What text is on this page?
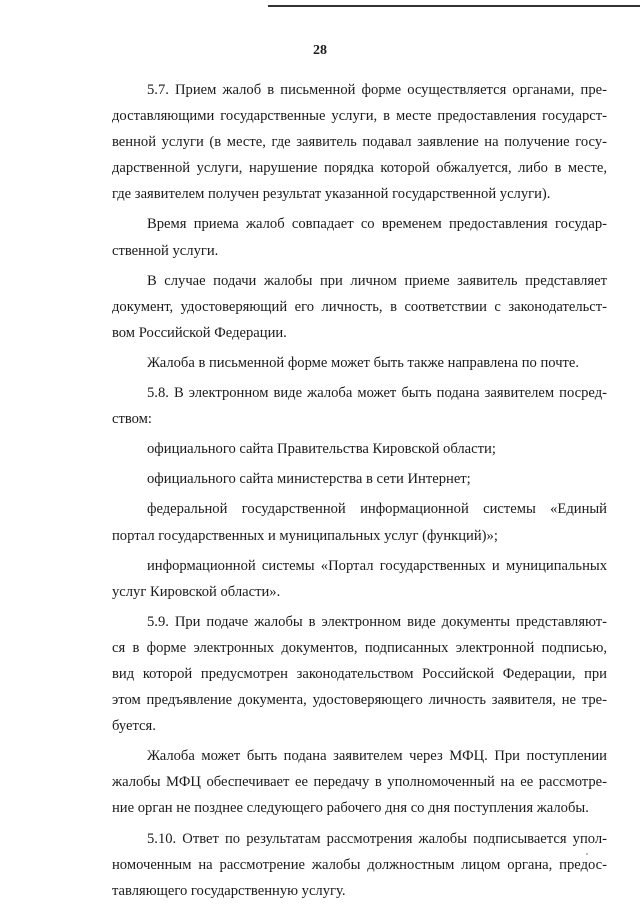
28
5.7. Прием жалоб в письменной форме осуществляется органами, пре-
доставляющими государственные услуги, в месте предоставления государст-
венной услуги (в месте, где заявитель подавал заявление на получение госу-
дарственной услуги, нарушение порядка которой обжалуется, либо в месте,
где заявителем получен результат указанной государственной услуги).
Время приема жалоб совпадает со временем предоставления государ-
ственной услуги.
В случае подачи жалобы при личном приеме заявитель представляет
документ, удостоверяющий его личность, в соответствии с законодательст-
вом Российской Федерации.
Жалоба в письменной форме может быть также направлена по почте.
5.8. В электронном виде жалоба может быть подана заявителем посред-
ством:
официального сайта Правительства Кировской области;
официального сайта министерства в сети Интернет;
федеральной государственной информационной системы «Единый
портал государственных и муниципальных услуг (функций)»;
информационной системы «Портал государственных и муниципальных
услуг Кировской области».
5.9. При подаче жалобы в электронном виде документы представляют-
ся в форме электронных документов, подписанных электронной подписью,
вид которой предусмотрен законодательством Российской Федерации, при
этом предъявление документа, удостоверяющего личность заявителя, не тре-
буется.
Жалоба может быть подана заявителем через МФЦ. При поступлении
жалобы МФЦ обеспечивает ее передачу в уполномоченный на ее рассмотре-
ние орган не позднее следующего рабочего дня со дня поступления жалобы.
5.10. Ответ по результатам рассмотрения жалобы подписывается упол-
номоченным на рассмотрение жалобы должностным лицом органа, предос-
тавляющего государственную услугу.
